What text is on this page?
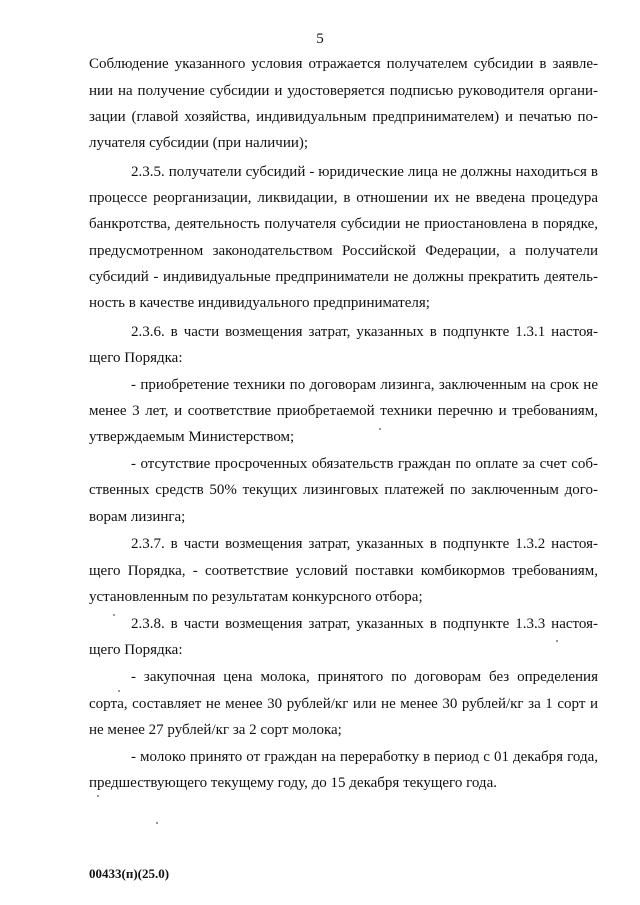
5
Соблюдение указанного условия отражается получателем субсидии в заявле-
нии на получение субсидии и удостоверяется подписью руководителя органи-
зации (главой хозяйства, индивидуальным предпринимателем) и печатью по-
лучателя субсидии (при наличии);
2.3.5. получатели субсидий - юридические лица не должны находиться в
процессе реорганизации, ликвидации, в отношении их не введена процедура
банкротства, деятельность получателя субсидии не приостановлена в порядке,
предусмотренном законодательством Российской Федерации, а получатели
субсидий - индивидуальные предприниматели не должны прекратить деятель-
ность в качестве индивидуального предпринимателя;
2.3.6. в части возмещения затрат, указанных в подпункте 1.3.1 настоя-
щего Порядка:
- приобретение техники по договорам лизинга, заключенным на срок не
менее 3 лет, и соответствие приобретаемой техники перечню и требованиям,
утверждаемым Министерством;
- отсутствие просроченных обязательств граждан по оплате за счет соб-
ственных средств 50% текущих лизинговых платежей по заключенным дого-
ворам лизинга;
2.3.7. в части возмещения затрат, указанных в подпункте 1.3.2 настоя-
щего Порядка, - соответствие условий поставки комбикормов требованиям,
установленным по результатам конкурсного отбора;
2.3.8. в части возмещения затрат, указанных в подпункте 1.3.3 настоя-
щего Порядка:
- закупочная цена молока, принятого по договорам без определения
сорта, составляет не менее 30 рублей/кг или не менее 30 рублей/кг за 1 сорт и
не менее 27 рублей/кг за 2 сорт молока;
- молоко принято от граждан на переработку в период с 01 декабря года,
предшествующего текущему году, до 15 декабря текущего года.
00433(п)(25.0)
